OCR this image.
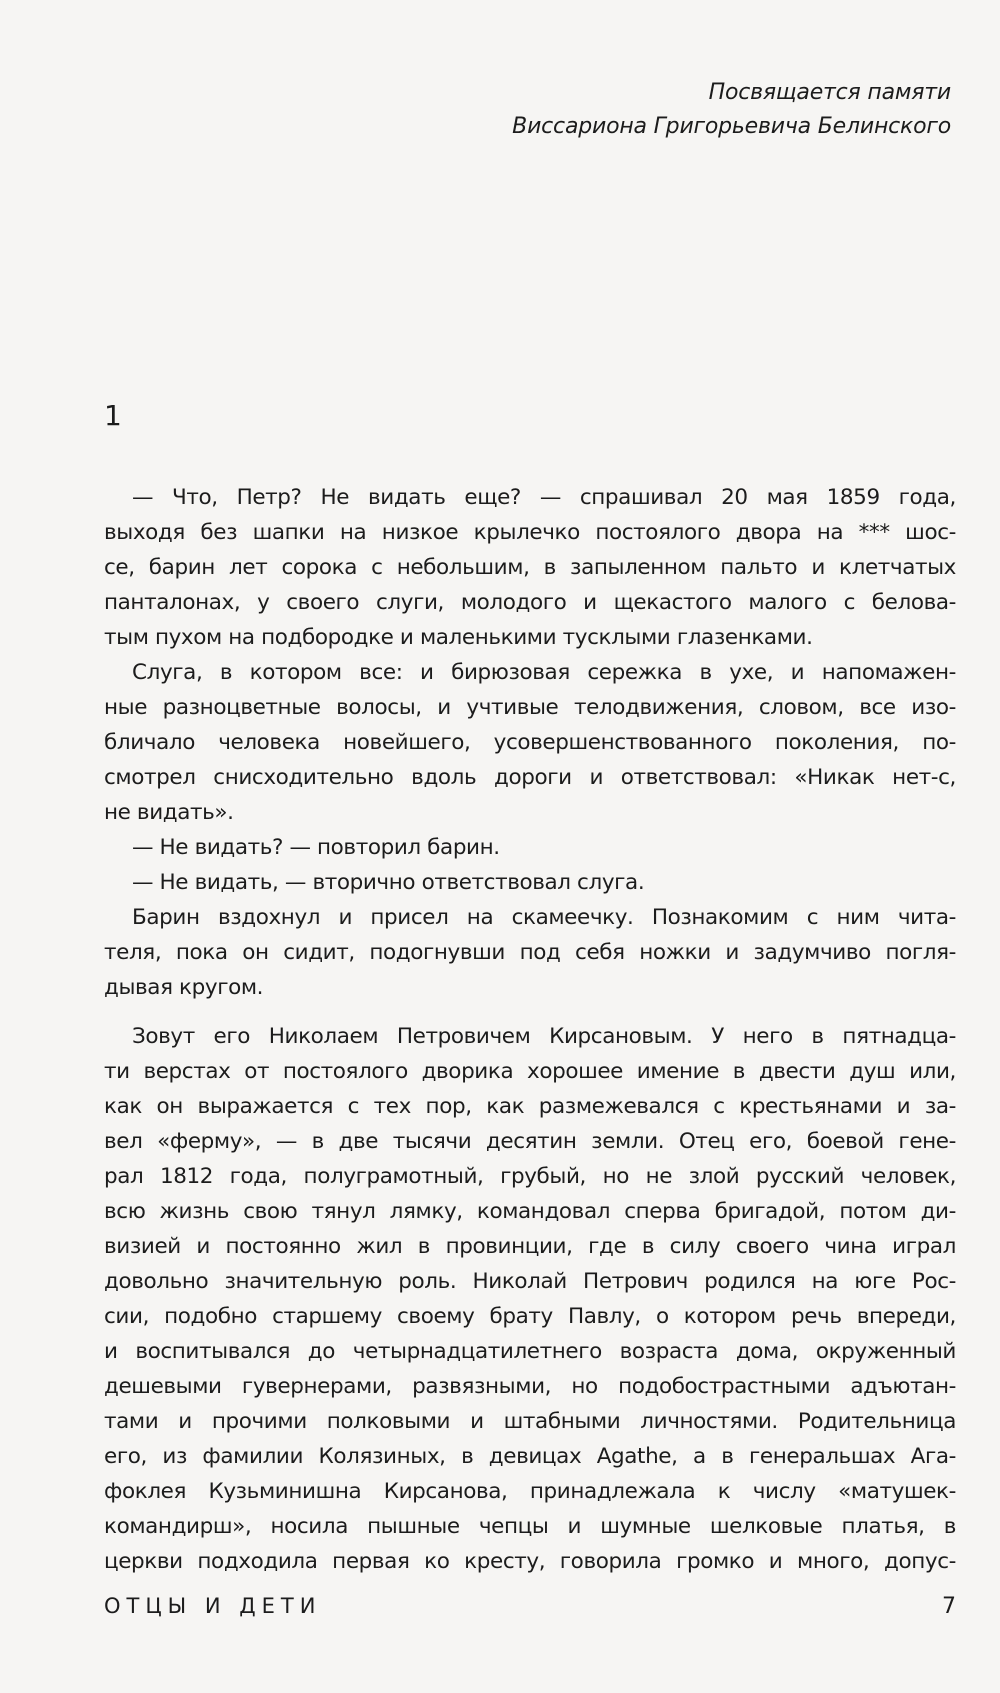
Посвящается памяти
Виссариона Григорьевича Белинского
1
— Что, Петр? Не видать еще? — спрашивал 20 мая 1859 года,
выходя без шапки на низкое крылечко постоялого двора на *** шос-
се, барин лет сорока с небольшим, в запыленном пальто и клетчатых
панталонах, у своего слуги, молодого и щекастого малого с белова-
тым пухом на подбородке и маленькими тусклыми глазенками.
Слуга, в котором все: и бирюзовая сережка в ухе, и напомажен-
ные разноцветные волосы, и учтивые телодвижения, словом, все изо-
бличало человека новейшего, усовершенствованного поколения, по-
смотрел снисходительно вдоль дороги и ответствовал: «Никак нет-с,
не видать».
— Не видать? — повторил барин.
— Не видать, — вторично ответствовал слуга.
Барин вздохнул и присел на скамеечку. Познакомим с ним чита-
теля, пока он сидит, подогнувши под себя ножки и задумчиво погля-
дывая кругом.
Зовут его Николаем Петровичем Кирсановым. У него в пятнадца-
ти верстах от постоялого дворика хорошее имение в двести душ или,
как он выражается с тех пор, как размежевался с крестьянами и за-
вел «ферму», — в две тысячи десятин земли. Отец его, боевой гене-
рал 1812 года, полуграмотный, грубый, но не злой русский человек,
всю жизнь свою тянул лямку, командовал сперва бригадой, потом ди-
визией и постоянно жил в провинции, где в силу своего чина играл
довольно значительную роль. Николай Петрович родился на юге Рос-
сии, подобно старшему своему брату Павлу, о котором речь впереди,
и воспитывался до четырнадцатилетнего возраста дома, окруженный
дешевыми гувернерами, развязными, но подобострастными адъютан-
тами и прочими полковыми и штабными личностями. Родительница
его, из фамилии Колязиных, в девицах Agathe, а в генеральшах Ага-
фоклея Кузьминишна Кирсанова, принадлежала к числу «матушек-
командирш», носила пышные чепцы и шумные шелковые платья, в
церкви подходила первая ко кресту, говорила громко и много, допус-
ОТЦЫ И ДЕТИ	7
